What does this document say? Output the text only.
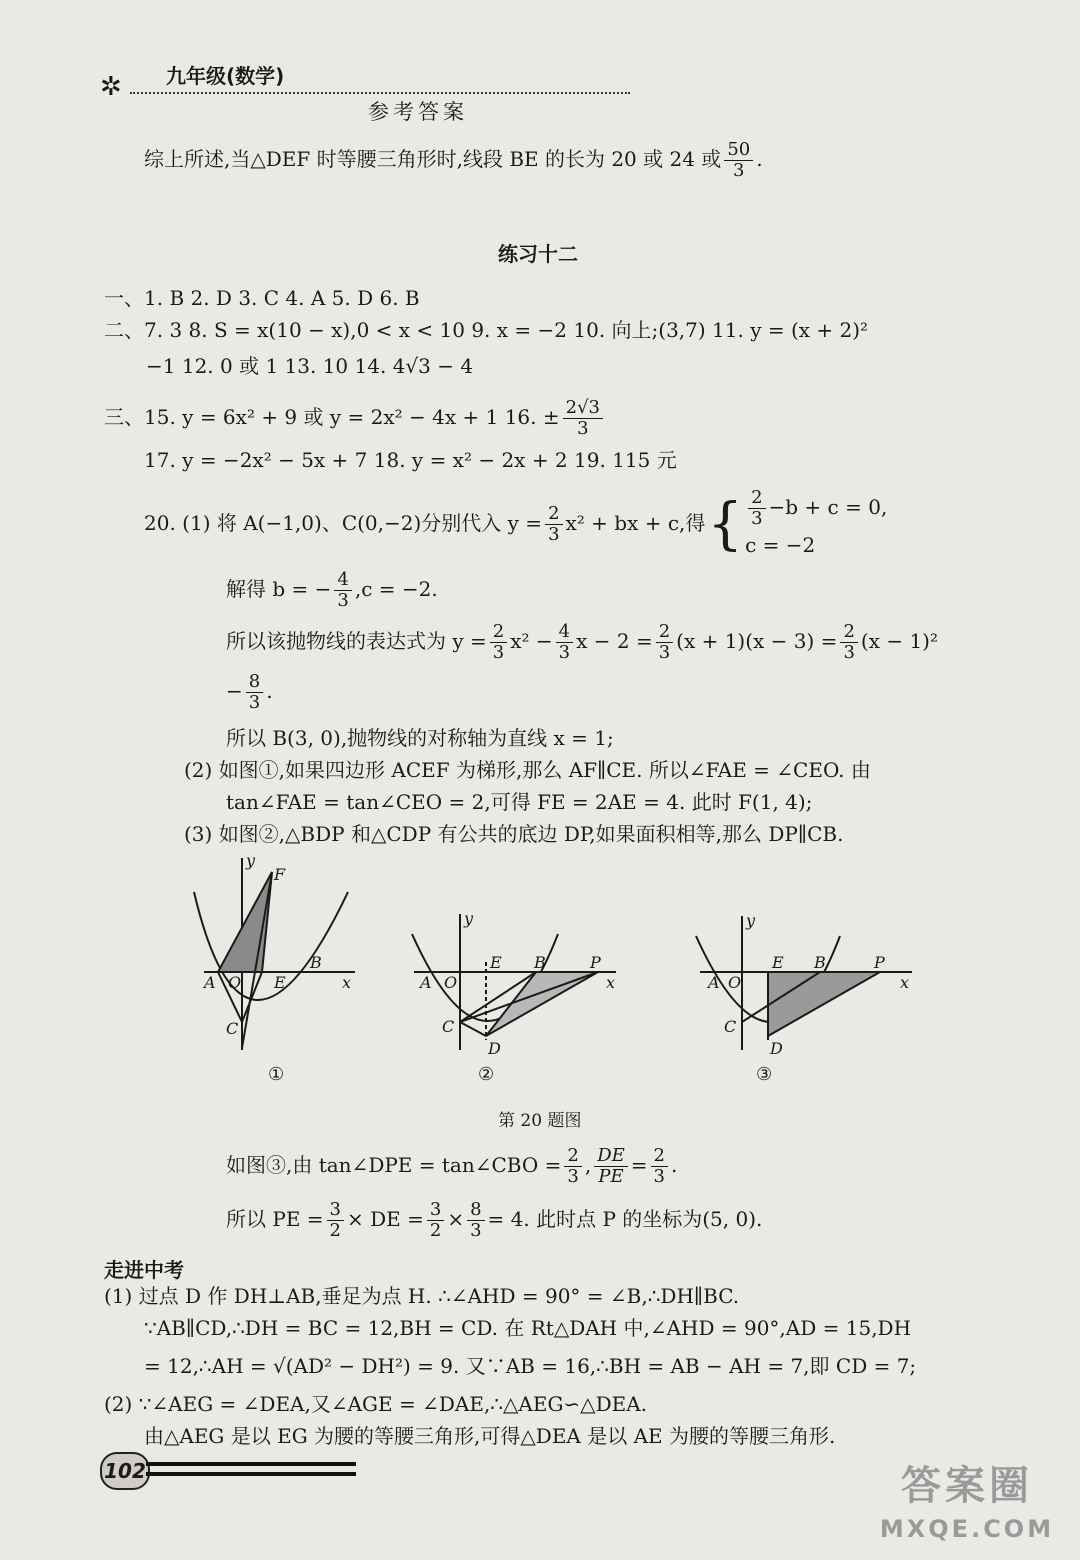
✲ 九年级(数学)
参考答案
综上所述,当△DEF 时等腰三角形时,线段 BE 的长为 20 或 24 或 $\frac{50}{3}$ .
练习十二
一、1. B 2. D 3. C 4. A 5. D 6. B
二、7. 3 8. S = x(10 − x),0 < x < 10 9. x = −2 10. 向上;(3,7) 11. y = (x + 2)²
−1 12. 0 或 1 13. 10 14. 4√3 − 4
三、15. y = 6x² + 9 或 y = 2x² − 4x + 1 16. ± $\frac{2√3}{3}$
17. y = −2x² − 5x + 7 18. y = x² − 2x + 2 19. 115 元
20. (1) 将 A(−1,0)、C(0,−2)分别代入 $y = \frac{2}{3} x^2$ + bx + c,得{ $\frac{2}{3} -b + c = 0$,
c = −2
解得 b = − $\frac{4}{3} ,c = -2$.
所以该抛物线的表达式为 $y = \frac{2}{3} x^2 - \frac{4}{3}$ $x - 2 = \frac{2}{3} (x + 1)(x - 3) = \frac{2}{3} (x - 1)^2$
− $\frac{8}{3}$ .
所以 B(3, 0),抛物线的对称轴为直线 x = 1;
(2) 如图①,如果四边形 ACEF 为梯形,那么 AF∥CE. 所以∠FAE = ∠CEO. 由
tan∠FAE = tan∠CEO = 2,可得 FE = 2AE = 4. 此时 F(1, 4);
(3) 如图②,△BDP 和△CDP 有公共的底边 DP,如果面积相等,那么 DP∥CB.
y
F
A O E
B
x
C
①
y
A O
E B	P
x
C
D
②
y
A O
E B	P
x
C
D
③
第 20 题图
如图③,由 tan∠DPE = tan∠CBO = $\frac{2}{3}$ , $\frac{DE}{PE} = \frac{2}{3}$ .
所以 PE = $\frac{3}{2}$ × DE = $\frac{3}{2} \times \frac{8}{3} = 4$. 此时点 P 的坐标为(5, 0).
走进中考
(1) 过点 D 作 DH⊥AB,垂足为点 H. ∴∠AHD = 90° = ∠B,∴DH∥BC.
∵AB∥CD,∴DH = BC = 12,BH = CD. 在 Rt△DAH 中,∠AHD = 90°,AD = 15,DH
= 12,∴AH = √(AD² − DH²) = 9. 又∵AB = 16,∴BH = AB − AH = 7,即 CD = 7;
(2) ∵∠AEG = ∠DEA,又∠AGE = ∠DAE,∴△AEG∽△DEA.
由△AEG 是以 EG 为腰的等腰三角形,可得△DEA 是以 AE 为腰的等腰三角形.
102	答案圈
MXQE.COM
